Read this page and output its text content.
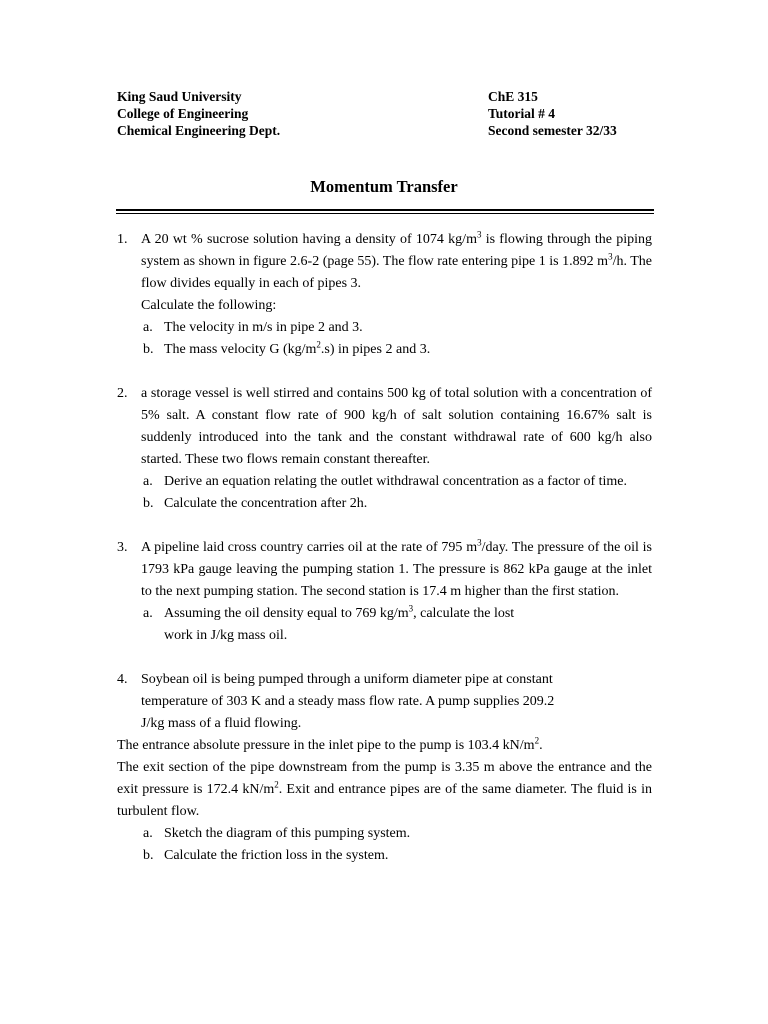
King Saud University
College of Engineering
Chemical Engineering Dept.
ChE 315
Tutorial # 4
Second semester 32/33
Momentum Transfer
1. A 20 wt % sucrose solution having a density of 1074 $kg/m^3$ is flowing through the piping system as shown in figure 2.6-2 (page 55). The flow rate entering pipe 1 is 1.892 $m^3/h$. The flow divides equally in each of pipes 3.
Calculate the following:
a. The velocity in m/s in pipe 2 and 3.
b. The mass velocity G $(kg/m^2.s)$ in pipes 2 and 3.
2. a storage vessel is well stirred and contains 500 kg of total solution with a concentration of 5% salt. A constant flow rate of 900 kg/h of salt solution containing 16.67% salt is suddenly introduced into the tank and the constant withdrawal rate of 600 kg/h also started. These two flows remain constant thereafter.
a. Derive an equation relating the outlet withdrawal concentration as a factor of time.
b. Calculate the concentration after 2h.
3. A pipeline laid cross country carries oil at the rate of 795 $m^3$/day. The pressure of the oil is 1793 kPa gauge leaving the pumping station 1. The pressure is 862 kPa gauge at the inlet to the next pumping station. The second station is 17.4 m higher than the first station.
a. Assuming the oil density equal to 769 $kg/m^3$, calculate the lost
work in J/kg mass oil.
4. Soybean oil is being pumped through a uniform diameter pipe at constant
temperature of 303 K and a steady mass flow rate. A pump supplies 209.2
J/kg mass of a fluid flowing.
The entrance absolute pressure in the inlet pipe to the pump is 103.4 $kN/m^2$.
The exit section of the pipe downstream from the pump is 3.35 m above the entrance and the exit pressure is 172.4 $kN/m^2$. Exit and entrance pipes are of the same diameter. The fluid is in turbulent flow.
a. Sketch the diagram of this pumping system.
b. Calculate the friction loss in the system.
